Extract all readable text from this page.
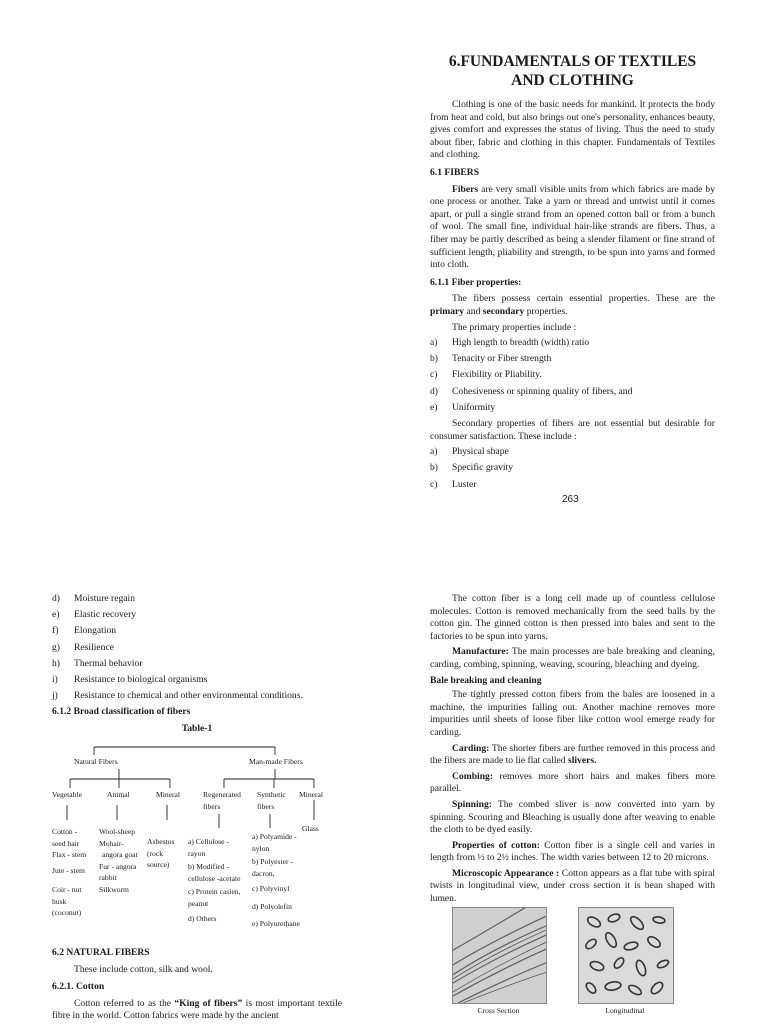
6.FUNDAMENTALS OF TEXTILES
AND CLOTHING

Clothing is one of the basic needs for mankind. It protects the body from heat and cold, but also brings out one's personality, enhances beauty, gives comfort and expresses the status of living. Thus the need to study about fiber, fabric and clothing in this chapter. Fundamentals of Textiles and clothing.

6.1 FIBERS

Fibers are very small visible units from which fabrics are made by one process or another. Take a yarn or thread and untwist until it comes apart, or pull a single strand from an opened cotton ball or from a bunch of wool. The small fine, individual hair-like strands are fibers. Thus, a fiber may be partly described as being a slender filament or fine strand of sufficient length, pliability and strength, to be spun into yarns and formed into cloth.

6.1.1 Fiber properties:

The fibers possess certain essential properties. These are the primary and secondary properties.

The primary properties include :

a)	High length to breadth (width) ratio
b)	Tenacity or Fiber strength
c)	Flexibility or Pliability.
d)	Cohesiveness or spinning quality of fibers, and
e)	Uniformity

Secondary properties of fibers are not essential but desirable for consumer satisfaction. These include :

a)	Physical shape
b)	Specific gravity
c)	Luster
263
d)	Moisture regain
e)	Elastic recovery
f)	Elongation
g)	Resilience
h)	Thermal behavior
i)	Resistance to biological organisms
j)	Resistance to chemical and other environmental conditions.
6.1.2 Broad classification of fibers
Table-1
Natural Fibers	Man-made Fibers
Vegetable	Animal	Mineral	Regenerated
fibers
Synthetic
fibers
Mineral
Glass
Cotton -
seed hair
Flax - stem
Jute - stem
Coir - nut
husk
(coconut)
Wool-sheep
Mohair-
angora goat
Fur - angora
rabbit
Silkworm
Asbestos
(rock
source)
a) Cellulose -
rayon
b) Modified -
cellulose -acetate
c) Protein casien,
peanut
d) Others
a) Polyamide -
nylon
b) Polyester -
dacron,
c) Polyvinyl
d) Polyolefin
e) Polyurethane
6.2 NATURAL FIBERS

These include cotton, silk and wool.

6.2.1. Cotton

Cotton referred to as the “King of fibers” is most important textile fibre in the world. Cotton fabrics were made by the ancient

The cotton fiber is a long cell made up of countless cellulose molecules. Cotton is removed mechanically from the seed balls by the cotton gin. The ginned cotton is then pressed into bales and sent to the factories to be spun into yarns.

Manufacture: The main processes are bale breaking and cleaning, carding, combing, spinning, weaving, scouring, bleaching and dyeing.

Bale breaking and cleaning

The tightly pressed cotton fibers from the bales are loosened in a machine, the impurities falling out. Another machine removes more impurities until sheets of loose fiber like cotton wool emerge ready for carding.

Carding: The shorter fibers are further removed in this process and the fibers are made to lie flat called slivers.

Combing: removes more short hairs and makes fibers more parallel.

Spinning: The combed sliver is now converted into yarn by spinning. Scouring and Bleaching is usually done after weaving to enable the cloth to be dyed easily.

Properties of cotton: Cotton fiber is a single cell and varies in length from ½ to 2½ inches. The width varies between 12 to 20 microns.

Microscopic Appearance : Cotton appears as a flat tube with spiral twists in longitudinal view, under cross section it is bean shaped with lumen.

Cross Section	Longitudinal
